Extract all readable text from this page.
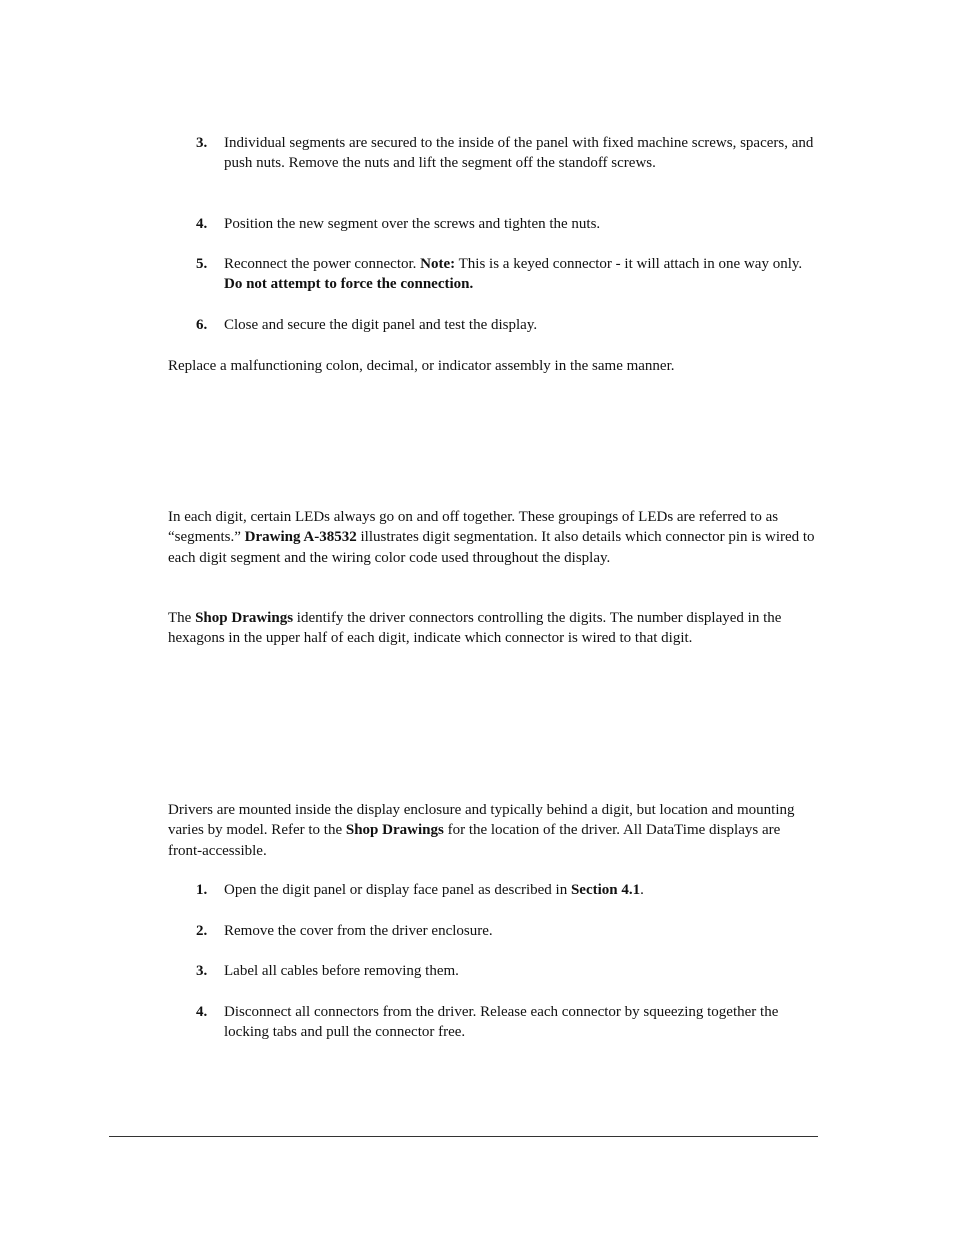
3.	Individual segments are secured to the inside of the panel with fixed machine screws, spacers, and push nuts. Remove the nuts and lift the segment off the standoff screws.
4.	Position the new segment over the screws and tighten the nuts.
5.	Reconnect the power connector. Note: This is a keyed connector - it will attach in one way only. Do not attempt to force the connection.
6.	Close and secure the digit panel and test the display.

Replace a malfunctioning colon, decimal, or indicator assembly in the same manner.

In each digit, certain LEDs always go on and off together. These groupings of LEDs are referred to as “segments.” Drawing A-38532 illustrates digit segmentation. It also details which connector pin is wired to each digit segment and the wiring color code used throughout the display.

The Shop Drawings identify the driver connectors controlling the digits. The number displayed in the hexagons in the upper half of each digit, indicate which connector is wired to that digit.

Drivers are mounted inside the display enclosure and typically behind a digit, but location and mounting varies by model. Refer to the Shop Drawings for the location of the driver. All DataTime displays are front-accessible.

1.	Open the digit panel or display face panel as described in Section 4.1.
2.	Remove the cover from the driver enclosure.
3.	Label all cables before removing them.
4.	Disconnect all connectors from the driver. Release each connector by squeezing together the locking tabs and pull the connector free.
